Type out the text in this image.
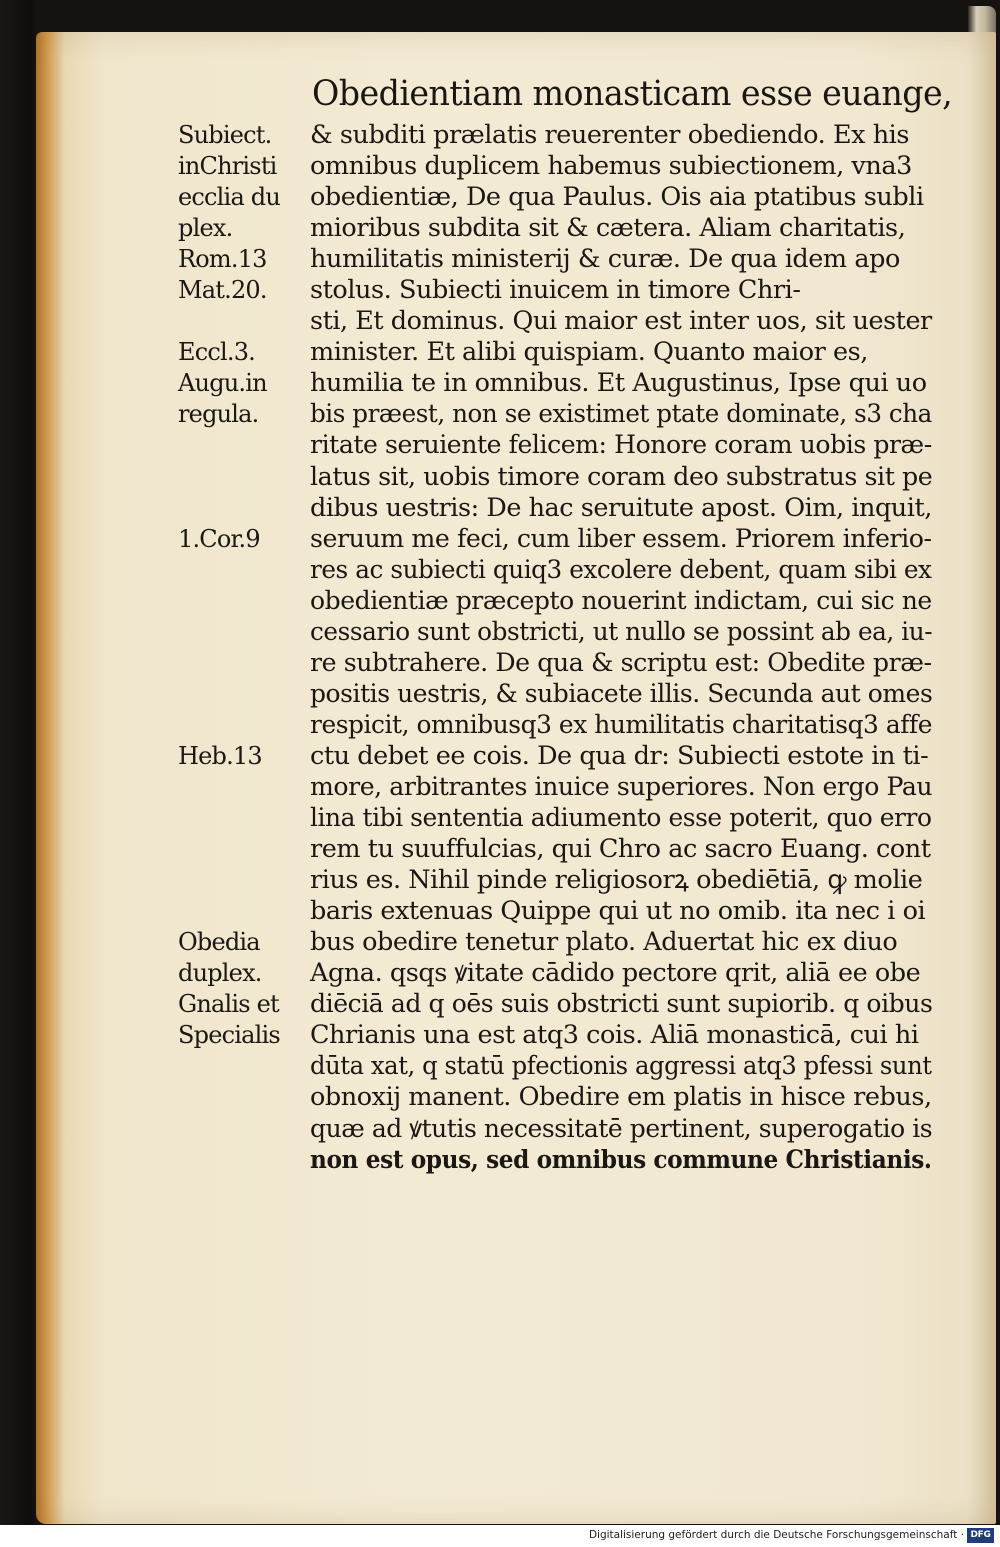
Obedientiam monasticam esse euange,
Subiect.
inChristi
ecclia du
plex.
Rom.13
Mat.20.
Eccl.3.
Augu.in
regula.
1.Cor.9
Heb.13
Obedia
duplex.
Gnalis et
Specialis
& subditi prælatis reuerenter obediendo. Ex his
omnibus duplicem habemus subiectionem, vna3
obedientiæ, De qua Paulus. Ois aia ptatibus subli
mioribus subdita sit & cætera. Aliam charitatis,
humilitatis ministerij & curæ. De qua idem apo
stolus. Subiecti inuicem in timore Chri-
sti, Et dominus. Qui maior est inter uos, sit uester
minister. Et alibi quispiam. Quanto maior es,
humilia te in omnibus. Et Augustinus, Ipse qui uo
bis præest, non se existimet ptate dominate, s3 cha
ritate seruiente felicem: Honore coram uobis præ-
latus sit, uobis timore coram deo substratus sit pe
dibus uestris: De hac seruitute apost. Oim, inquit,
seruum me feci, cum liber essem. Priorem inferio-
res ac subiecti quiq3 excolere debent, quam sibi ex
obedientiæ præcepto nouerint indictam, cui sic ne
cessario sunt obstricti, ut nullo se possint ab ea, iu-
re subtrahere. De qua & scriptu est: Obedite præ-
positis uestris, & subiacete illis. Secunda aut omes
respicit, omnibusq3 ex humilitatis charitatisq3 affe
ctu debet ee cois. De qua dr: Subiecti estote in ti-
more, arbitrantes inuice superiores. Non ergo Pau
lina tibi sententia adiumento esse poterit, quo erro
rem tu suuffulcias, qui Chro ac sacro Euang. cont
rius es. Nihil pinde religiosorꝝ obediētiā, ꝙ molie
baris extenuas Quippe qui ut no omib. ita nec i oi
bus obedire tenetur plato. Aduertat hic ex diuo
Agna. qsqs ꝟitate cādido pectore qrit, aliā ee obe
diēciā ad q oēs suis obstricti sunt supiorib. q oibus
Chrianis una est atq3 cois. Aliā monasticā, cui hi
dūta xat, q statū pfectionis aggressi atq3 pfessi sunt
obnoxij manent. Obedire em platis in hisce rebus,
quæ ad ꝟtutis necessitatē pertinent, superogatio is
non est opus, sed omnibus commune Christianis.
Digitalisierung gefördert durch die Deutsche Forschungsgemeinschaft · DFG
